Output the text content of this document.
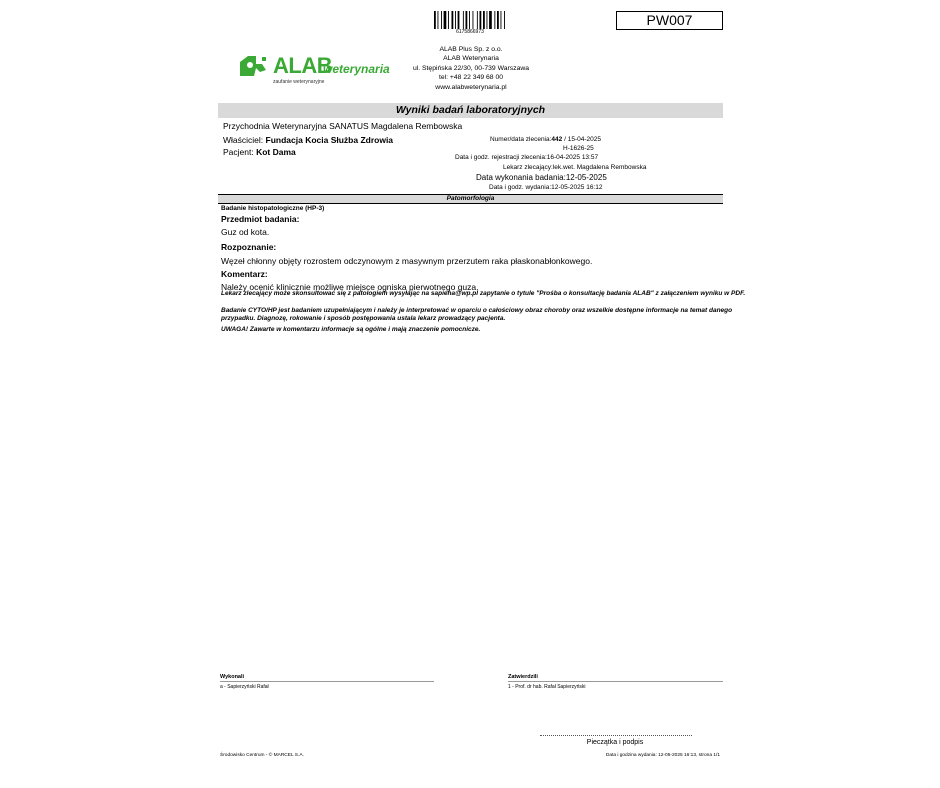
6175866973
PW007
ALAB
weterynaria
zaufanie weterynaryjne
ALAB Plus Sp. z o.o.
ALAB Weterynaria
ul. Stępińska 22/30, 00-739 Warszawa
tel: +48 22 349 68 00
www.alabweterynaria.pl
Wyniki badań laboratoryjnych
Przychodnia Weterynaryjna SANATUS Magdalena Rembowska
Właściciel: Fundacja Kocia Służba Zdrowia
Pacjent: Kot Dama
Numer/data zlecenia:442 / 15-04-2025
H-1626-25
Data i godz. rejestracji zlecenia:16-04-2025 13:57
Lekarz zlecający:lek.wet. Magdalena Rembowska
Data wykonania badania:12-05-2025
Data i godz. wydania:12-05-2025 16:12
Patomorfologia
Badanie histopatologiczne (HP-3)
Przedmiot badania:
Guz od kota.
Rozpoznanie:
Węzeł chłonny objęty rozrostem odczynowym z masywnym przerzutem raka płaskonabłonkowego.
Komentarz:
Należy ocenić klinicznie możliwe miejsce ogniska pierwotnego guza.
Lekarz zlecający może skonsultować się z patologiem wysyłając na sapieha@wp.pl zapytanie o tytule "Prośba o konsultację badania ALAB" z załączeniem wyniku w PDF.
Badanie CYTO/HP jest badaniem uzupełniającym i należy je interpretować w oparciu o całościowy obraz choroby oraz wszelkie dostępne informacje na temat danego przypadku. Diagnozę, rokowanie i sposób postępowania ustala lekarz prowadzący pacjenta.
UWAGA! Zawarte w komentarzu informacje są ogólne i mają znaczenie pomocnicze.
Wykonali
a - Sapierzyński Rafał
Zatwierdzili
1 - Prof. dr hab. Rafał Sapierzyński
Pieczątka i podpis
Środowisko Centrum - © MARCEL S.A.	Data i godzina wydania: 12-05-2025 16:13, strona 1/1
